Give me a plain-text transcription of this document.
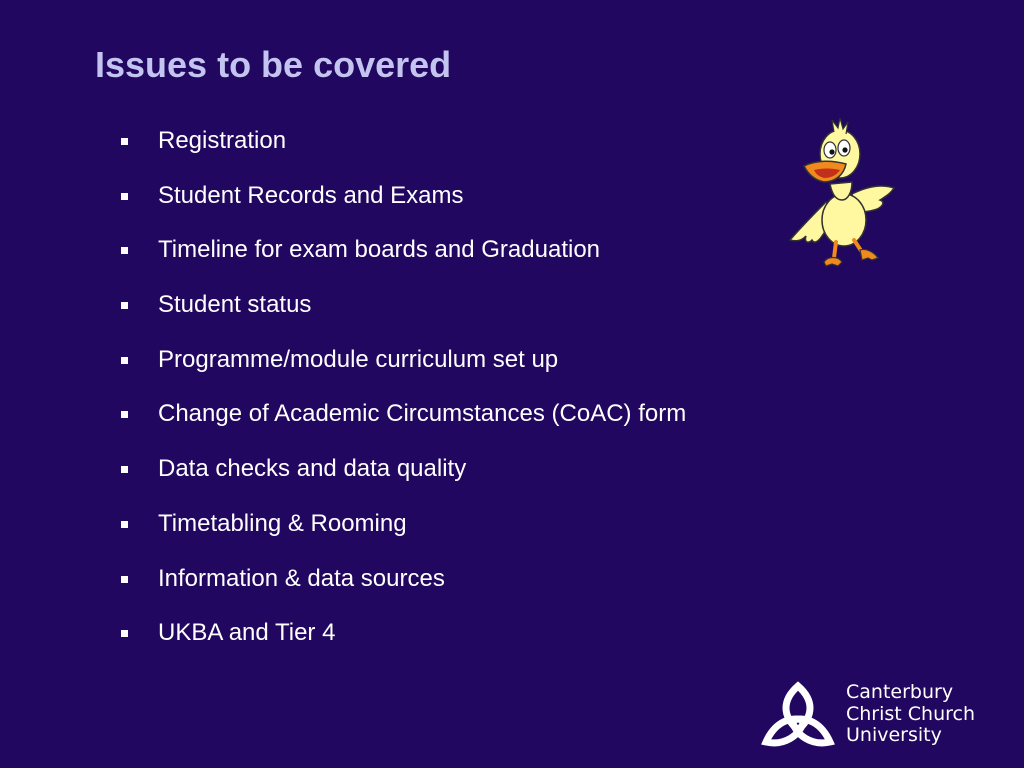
Issues to be covered
Registration
Student Records and Exams
Timeline for exam boards and Graduation
Student status
Programme/module curriculum set up
Change of Academic Circumstances (CoAC) form
Data checks and data quality
Timetabling & Rooming
Information & data sources
UKBA and Tier 4
Canterbury
Christ Church
University
